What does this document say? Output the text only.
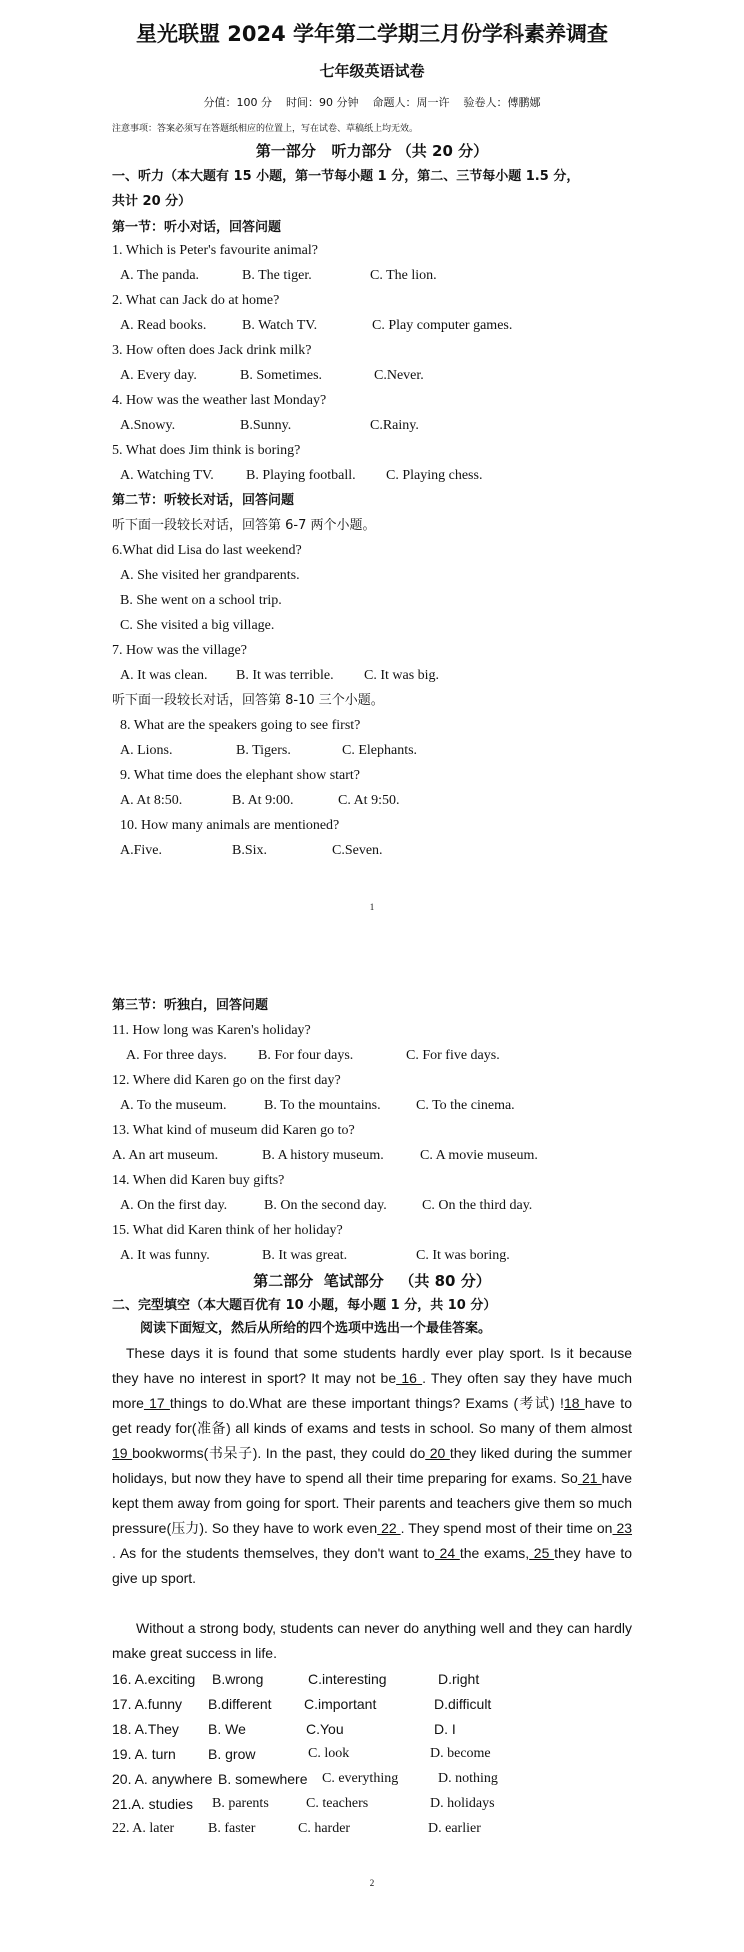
星光联盟 2024 学年第二学期三月份学科素养调查
七年级英语试卷
分值：100 分    时间：90 分钟    命题人：周一许    验卷人：傅鹏娜
注意事项：答案必须写在答题纸相应的位置上，写在试卷、草稿纸上均无效。
第一部分   听力部分 （共 20 分）
一、听力（本大题有 15 小题，第一节每小题 1 分，第二、三节每小题 1.5 分，
共计 20 分）
第一节：听小对话，回答问题
1. Which is Peter's favourite animal?
A. The panda.	B. The tiger.	C. The lion.
2. What can Jack do at home?
A. Read books.	B. Watch TV.	C. Play computer games.
3. How often does Jack drink milk?
A. Every day.	B. Sometimes.	C.Never.
4. How was the weather last Monday?
A.Snowy.	B.Sunny.	C.Rainy.
5. What does Jim think is boring?
A. Watching TV. B. Playing football. C. Playing chess.
第二节：听较长对话，回答问题
听下面一段较长对话，回答第 6-7 两个小题。
6.What did Lisa do last weekend?
A. She visited her grandparents.
B. She went on a school trip.
C. She visited a big village.
7. How was the village?
A. It was clean. B. It was terrible. C. It was big.
听下面一段较长对话，回答第 8-10 三个小题。
8. What are the speakers going to see first?
A. Lions.	B. Tigers.	C. Elephants.
9. What time does the elephant show start?
A. At 8:50.	B. At 9:00.	C. At 9:50.
10. How many animals are mentioned?
A.Five.	B.Six.	C.Seven.
1
第三节：听独白，回答问题
11. How long was Karen's holiday?
A. For three days. B. For four days.	C. For five days.
12. Where did Karen go on the first day?
A. To the museum.	B. To the mountains.	C. To the cinema.
13. What kind of museum did Karen go to?
A. An art museum.	B. A history museum.	C. A movie museum.
14. When did Karen buy gifts?
A. On the first day.	B. On the second day.	C. On the third day.
15. What did Karen think of her holiday?
A. It was funny.	B. It was great.	C. It was boring.
第二部分  笔试部分   （共 80 分）
二、完型填空（本大题百优有 10 小题，每小题 1 分，共 10 分）
阅读下面短文，然后从所给的四个选项中选出一个最佳答案。
These days it is found that some students hardly ever play sport. Is it because they have no interest in sport? It may not be 16 . They often say they have much more 17 things to do.What are these important things? Exams (考试) !18 have to get ready for(准备) all kinds of exams and tests in school. So many of them almost 19 bookworms(书呆子). In the past, they could do 20 they liked during the summer holidays, but now they have to spend all their time preparing for exams. So 21 have kept them away from going for sport. Their parents and teachers give them so much pressure(压力). So they have to work even 22 . They spend most of their time on 23 . As for the students themselves, they don't want to 24 the exams, 25 they have to give up sport.
Without a strong body, students can never do anything well and they can hardly make great success in life.
16. A.exciting B.wrong	C.interesting	D.right
17. A.funny B.different C.important	D.difficult
18. A.They B. We	C.You	D. I
19. A. turn B. grow	C. look	D. become
20. A. anywhere B. somewhere C. everything	D. nothing
21.A. studies B. parents	C. teachers	D. holidays
22. A. later B. faster	C. harder	D. earlier
2
